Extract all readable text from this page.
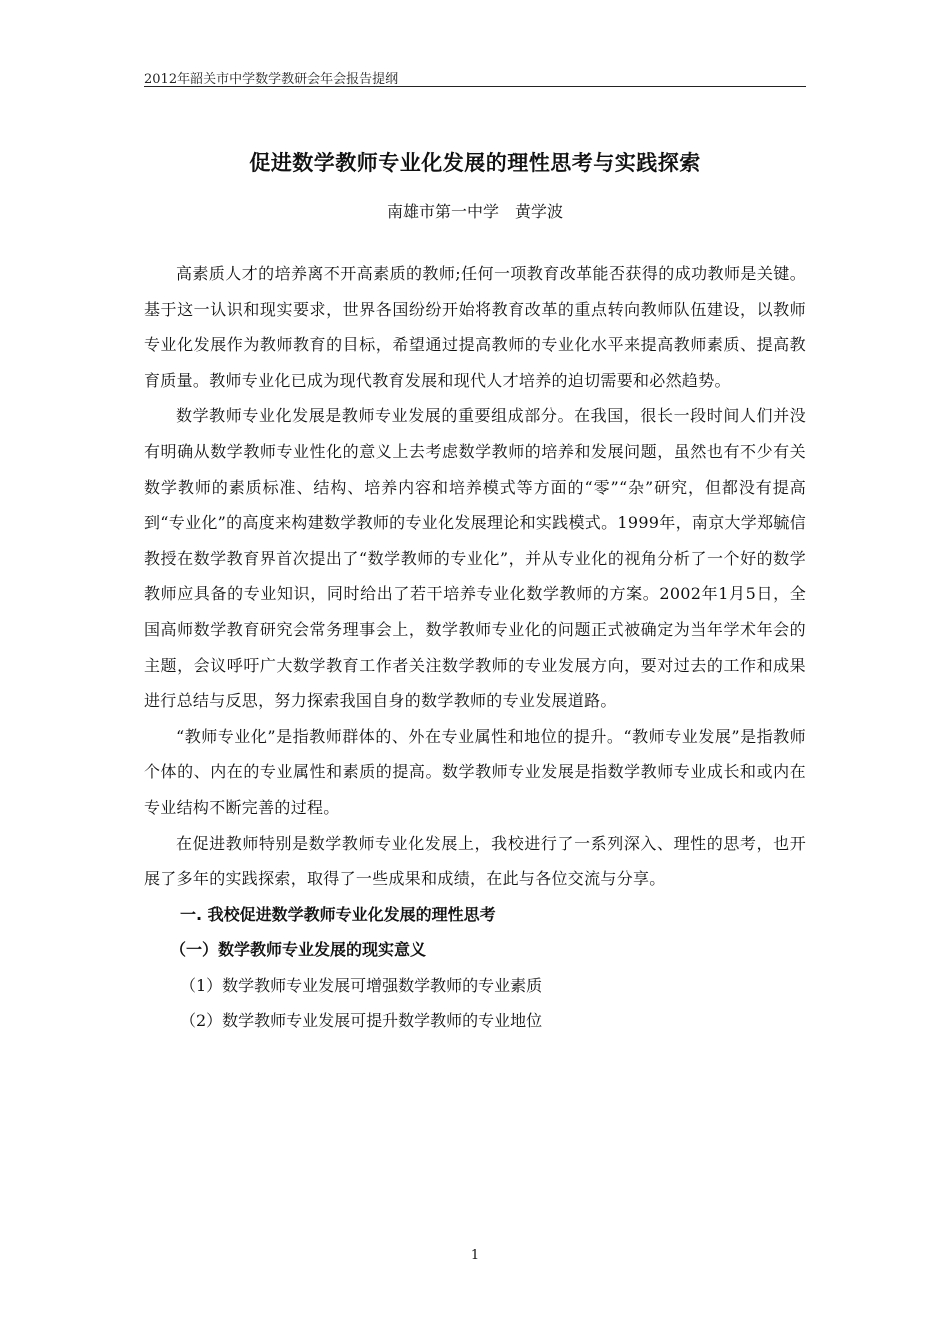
2012年韶关市中学数学教研会年会报告提纲
促进数学教师专业化发展的理性思考与实践探索
南雄市第一中学　黄学波

高素质人才的培养离不开高素质的教师;任何一项教育改革能否获得的成功教师是关键。基于这一认识和现实要求，世界各国纷纷开始将教育改革的重点转向教师队伍建设，以教师专业化发展作为教师教育的目标，希望通过提高教师的专业化水平来提高教师素质、提高教育质量。教师专业化已成为现代教育发展和现代人才培养的迫切需要和必然趋势。

数学教师专业化发展是教师专业发展的重要组成部分。在我国，很长一段时间人们并没有明确从数学教师专业性化的意义上去考虑数学教师的培养和发展问题，虽然也有不少有关数学教师的素质标准、结构、培养内容和培养模式等方面的“零”“杂”研究，但都没有提高到“专业化”的高度来构建数学教师的专业化发展理论和实践模式。1999年，南京大学郑毓信教授在数学教育界首次提出了“数学教师的专业化”，并从专业化的视角分析了一个好的数学教师应具备的专业知识，同时给出了若干培养专业化数学教师的方案。2002年1月5日，全国高师数学教育研究会常务理事会上，数学教师专业化的问题正式被确定为当年学术年会的主题，会议呼吁广大数学教育工作者关注数学教师的专业发展方向，要对过去的工作和成果进行总结与反思，努力探索我国自身的数学教师的专业发展道路。

“教师专业化”是指教师群体的、外在专业属性和地位的提升。“教师专业发展”是指教师个体的、内在的专业属性和素质的提高。数学教师专业发展是指数学教师专业成长和或内在专业结构不断完善的过程。

在促进教师特别是数学教师专业化发展上，我校进行了一系列深入、理性的思考，也开展了多年的实践探索，取得了一些成果和成绩，在此与各位交流与分享。

一. 我校促进数学教师专业化发展的理性思考

（一）数学教师专业发展的现实意义

（1）数学教师专业发展可增强数学教师的专业素质

（2）数学教师专业发展可提升数学教师的专业地位

1
